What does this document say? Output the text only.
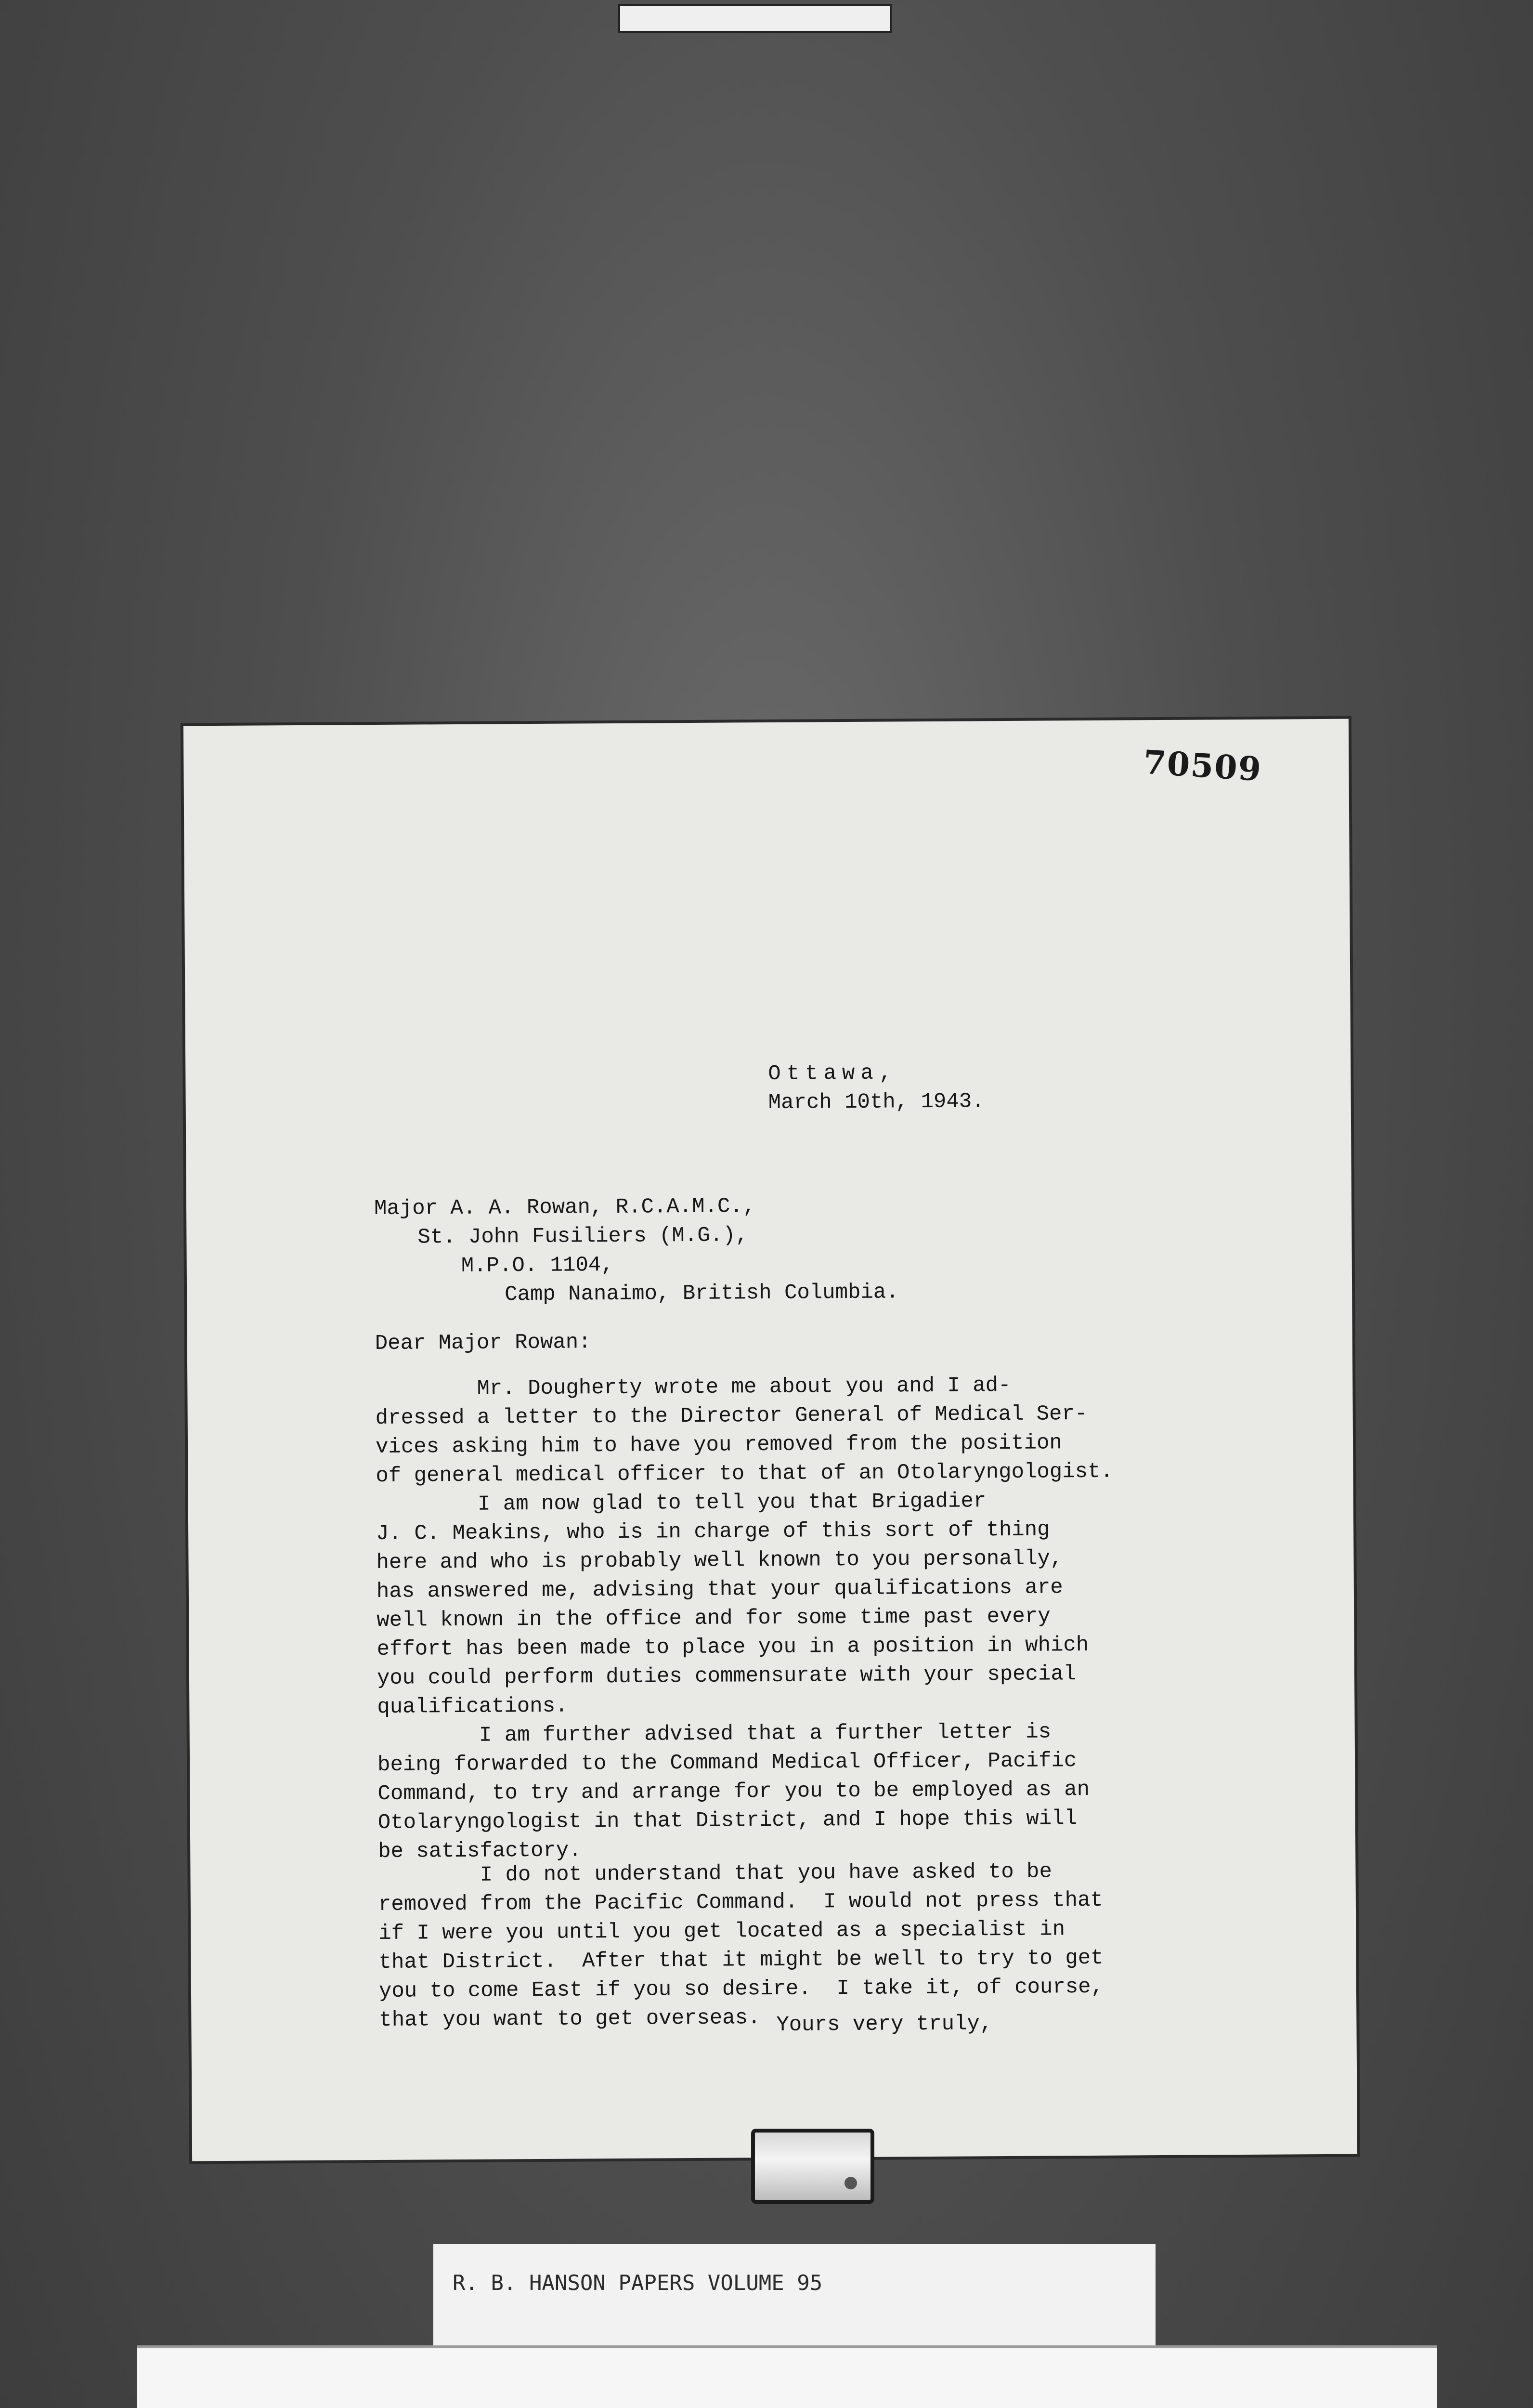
70509
Ottawa,
March 10th, 1943.
Major A. A. Rowan, R.C.A.M.C.,
St. John Fusiliers (M.G.),
M.P.O. 1104,
Camp Nanaimo, British Columbia.
Dear Major Rowan:
Mr. Dougherty wrote me about you and I ad-
dressed a letter to the Director General of Medical Ser-
vices asking him to have you removed from the position
of general medical officer to that of an Otolaryngologist.
I am now glad to tell you that Brigadier
J. C. Meakins, who is in charge of this sort of thing
here and who is probably well known to you personally,
has answered me, advising that your qualifications are
well known in the office and for some time past every
effort has been made to place you in a position in which
you could perform duties commensurate with your special
qualifications.
I am further advised that a further letter is
being forwarded to the Command Medical Officer, Pacific
Command, to try and arrange for you to be employed as an
Otolaryngologist in that District, and I hope this will
be satisfactory.
I do not understand that you have asked to be
removed from the Pacific Command.  I would not press that
if I were you until you get located as a specialist in
that District.  After that it might be well to try to get
you to come East if you so desire.  I take it, of course,
that you want to get overseas. Yours very truly,
R. B. HANSON PAPERS VOLUME 95
